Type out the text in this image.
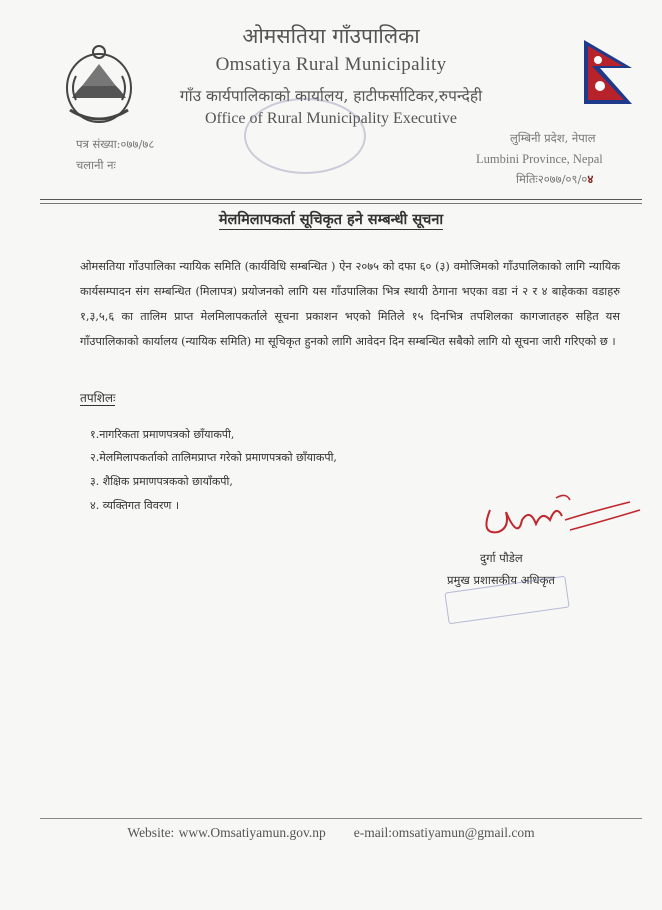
ओमसतिया गाँउपालिका
Omsatiya Rural Municipality
गाँउ कार्यपालिकाको कार्यालय, हाटीफर्साटिकर,रुपन्देही
Office of Rural Municipality Executive
पत्र संख्या:०७७/७८
चलानी नः
लुम्बिनी प्रदेश, नेपाल
Lumbini Province, Nepal
मितिः२०७७/०९/०४
मेलमिलापकर्ता सूचिकृत हने सम्बन्धी सूचना
ओमसतिया गाँउपालिका न्यायिक समिति (कार्यविधि सम्बन्धित ) ऐन २०७५ को दफा ६० (३) वमोजिमको गाँउपालिकाको लागि न्यायिक कार्यसम्पादन संग सम्बन्धित (मिलापत्र) प्रयोजनको लागि यस गाँउपालिका भित्र स्थायी ठेगाना भएका वडा नं २ र ४ बाहेकका वडाहरु १,३,५,६ का तालिम प्राप्त मेलमिलापकर्ताले सूचना प्रकाशन भएको मितिले १५ दिनभित्र तपशिलका कागजातहरु सहित यस गाँउपालिकाको कार्यालय (न्यायिक समिति) मा सूचिकृत हुनको लागि आवेदन दिन सम्बन्धित सबैको लागि यो सूचना जारी गरिएको छ ।
तपशिलः
१.नागरिकता प्रमाणपत्रको छाँयाकपी,
२.मेलमिलापकर्ताको तालिमप्राप्त गरेको प्रमाणपत्रको छाँयाकपी,
३. शैक्षिक प्रमाणपत्रकको छायाँकपी,
४. व्यक्तिगत विवरण ।
दुर्गा पौडेल
प्रमुख प्रशासकीय अधिकृत
Website: www.Omsatiyamun.gov.np e-mail:omsatiyamun@gmail.com
